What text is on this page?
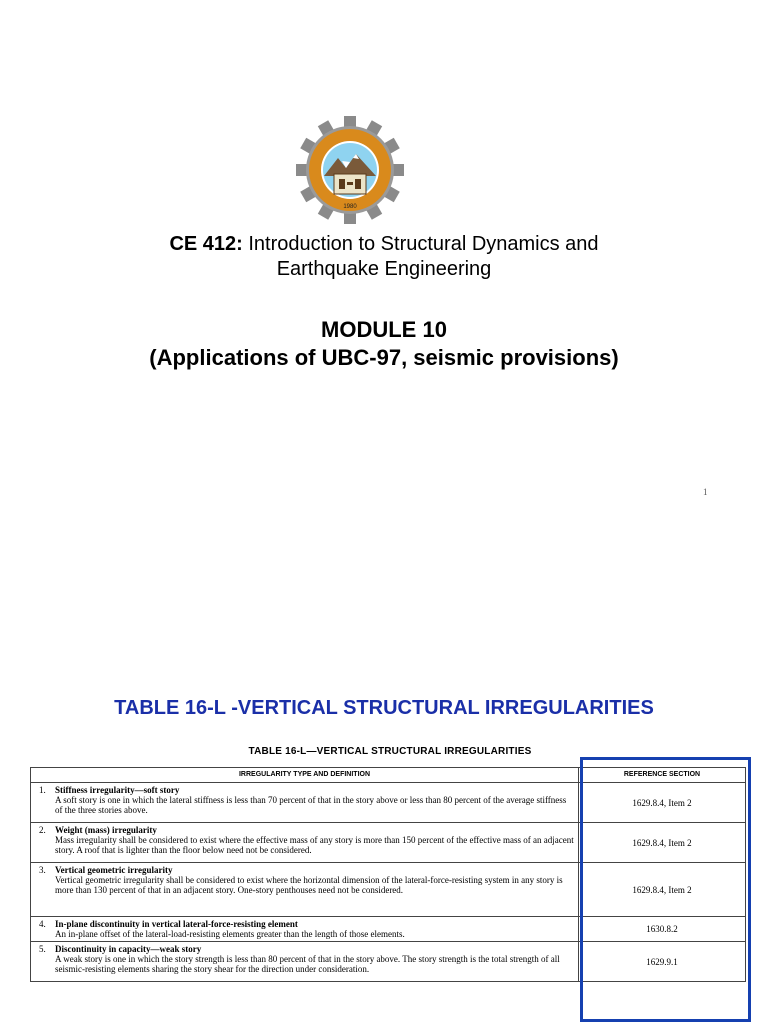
1980
CE 412: Introduction to Structural Dynamics and
Earthquake Engineering
MODULE 10
(Applications of UBC-97, seismic provisions)
1
TABLE 16-L -VERTICAL STRUCTURAL IRREGULARITIES
TABLE 16-L—VERTICAL STRUCTURAL IRREGULARITIES
IRREGULARITY TYPE AND DEFINITION	REFERENCE SECTION
1. Stiffness irregularity—soft story
A soft story is one in which the lateral stiffness is less than 70 percent of that in the story above or less than 80 percent of the average stiffness of the three stories above.	1629.8.4, Item 2
2. Weight (mass) irregularity
Mass irregularity shall be considered to exist where the effective mass of any story is more than 150 percent of the effective mass of an adjacent story. A roof that is lighter than the floor below need not be considered.	1629.8.4, Item 2
3. Vertical geometric irregularity
Vertical geometric irregularity shall be considered to exist where the horizontal dimension of the lateral-force-resisting system in any story is more than 130 percent of that in an adjacent story. One-story penthouses need not be considered.	1629.8.4, Item 2
4. In-plane discontinuity in vertical lateral-force-resisting element
An in-plane offset of the lateral-load-resisting elements greater than the length of those elements.	1630.8.2
5. Discontinuity in capacity—weak story
A weak story is one in which the story strength is less than 80 percent of that in the story above. The story strength is the total strength of all seismic-resisting elements sharing the story shear for the direction under consideration.	1629.9.1
